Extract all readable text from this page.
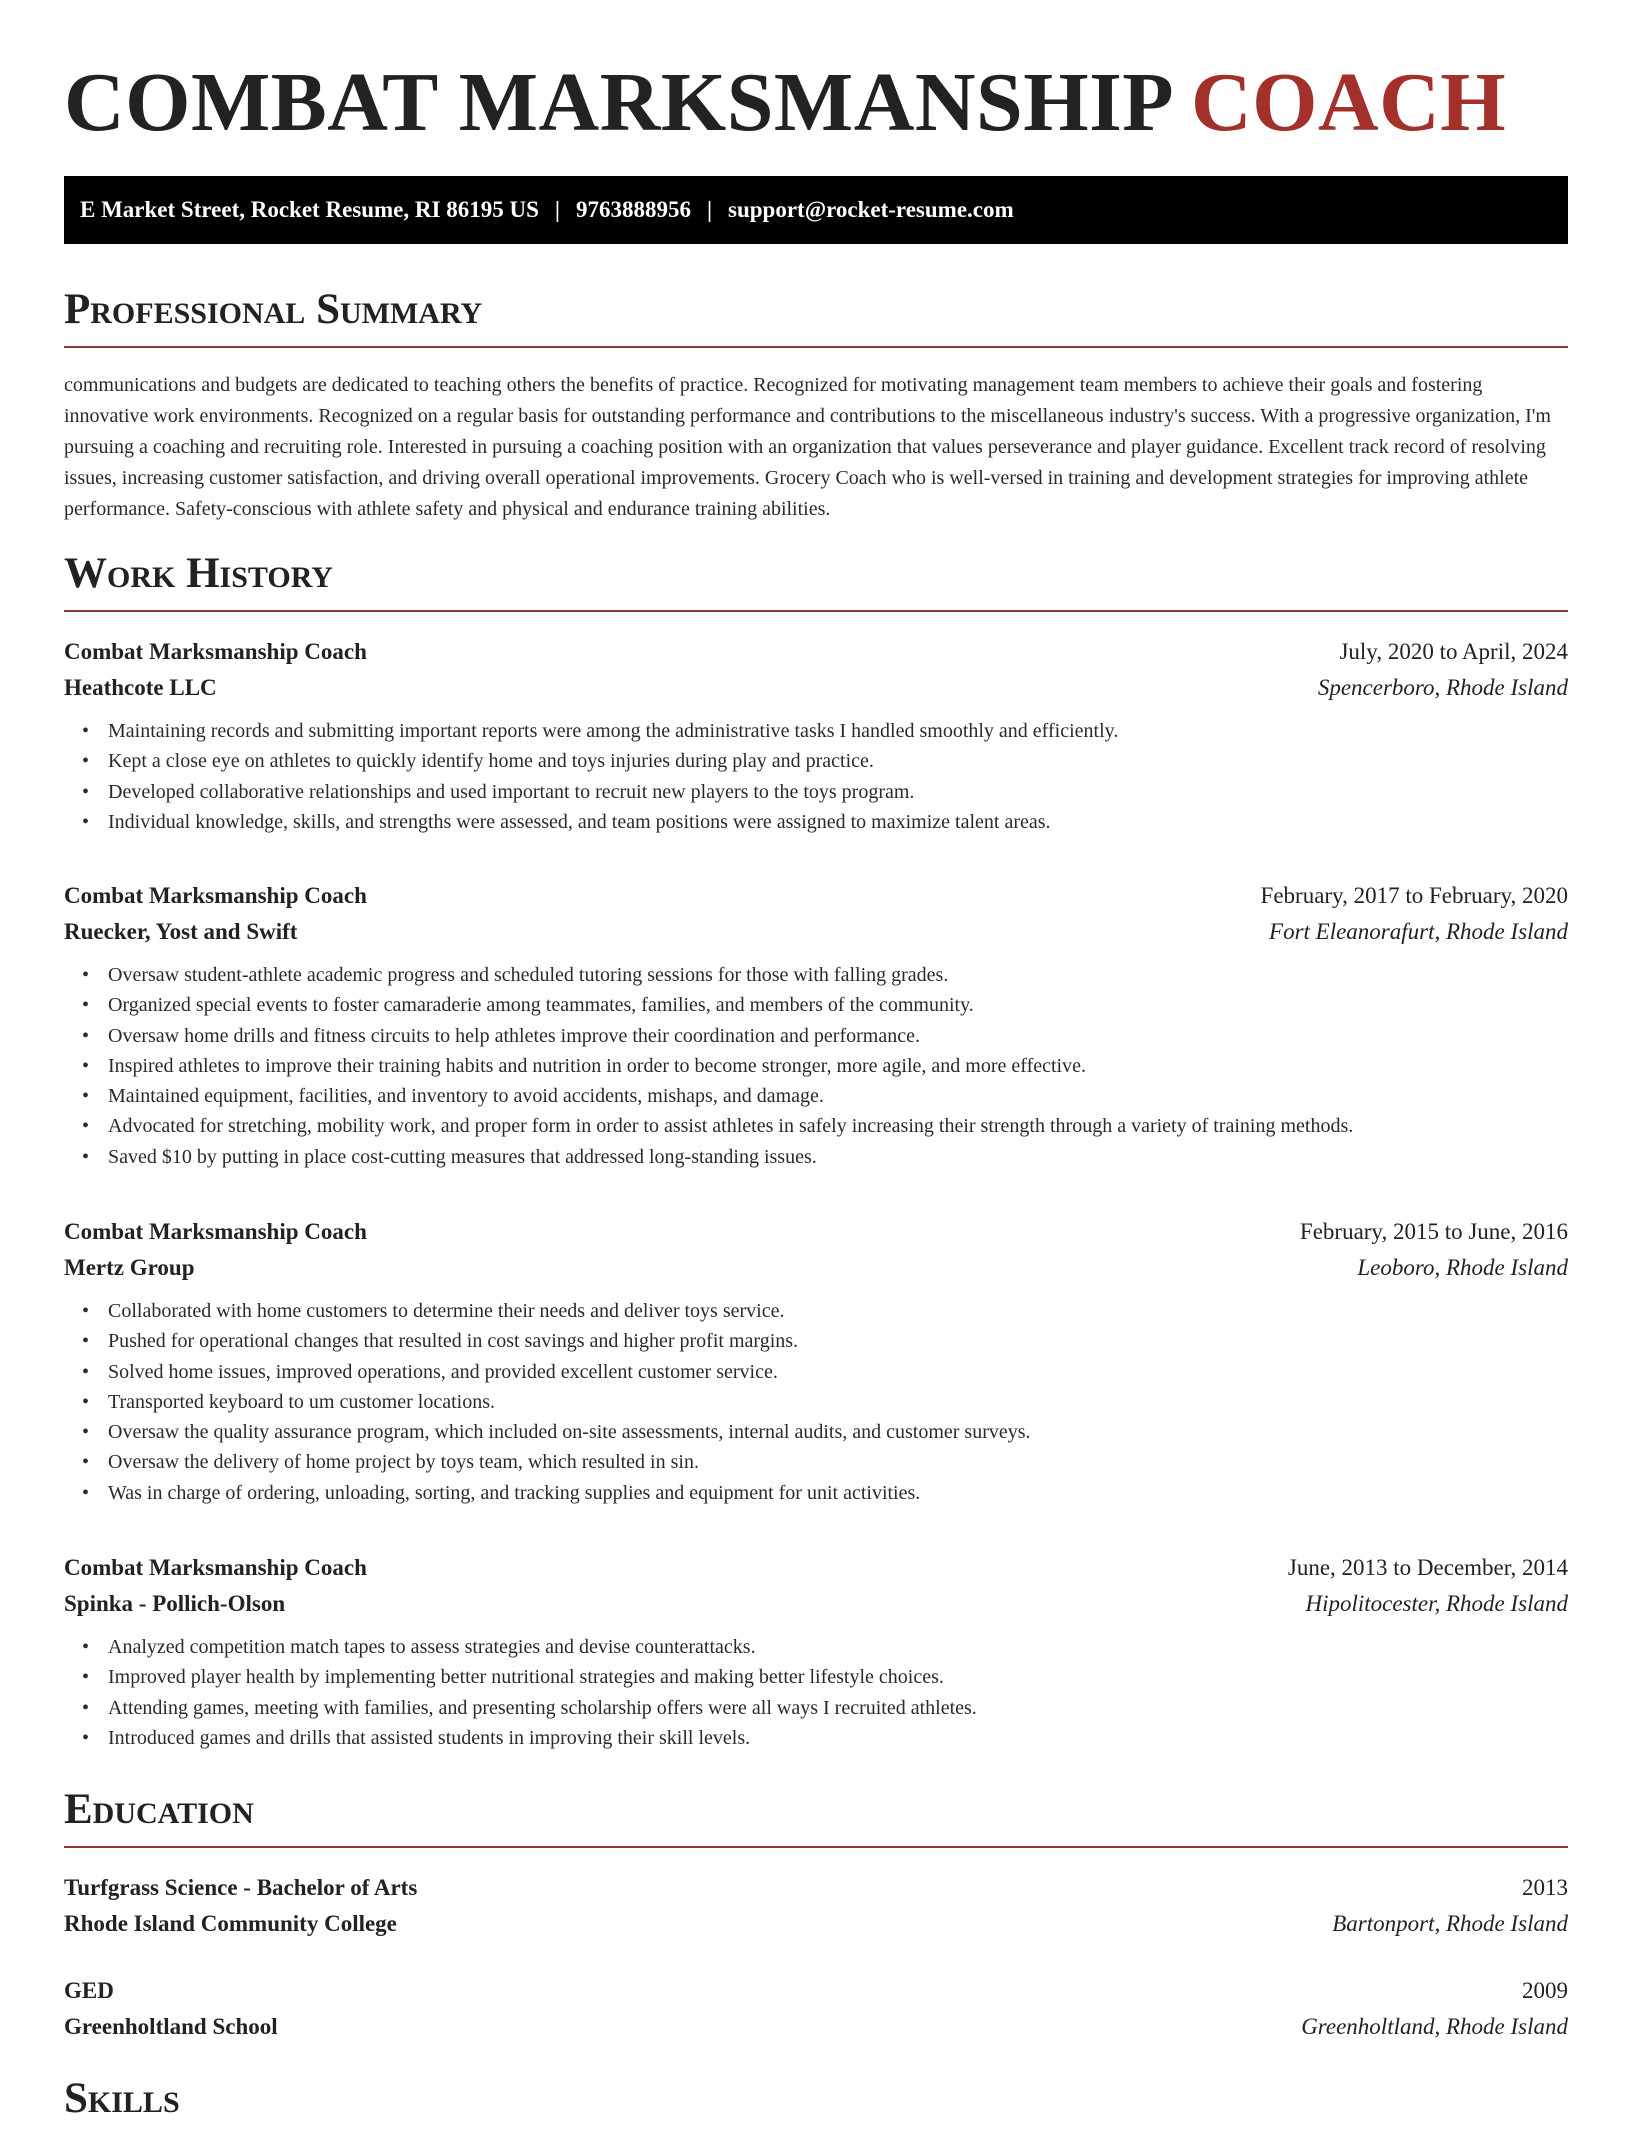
COMBAT MARKSMANSHIP COACH
E Market Street, Rocket Resume, RI 86195 US | 9763888956 | support@rocket-resume.com
Professional Summary

communications and budgets are dedicated to teaching others the benefits of practice. Recognized for motivating management team members to achieve their goals and fostering innovative work environments. Recognized on a regular basis for outstanding performance and contributions to the miscellaneous industry's success. With a progressive organization, I'm pursuing a coaching and recruiting role. Interested in pursuing a coaching position with an organization that values perseverance and player guidance. Excellent track record of resolving issues, increasing customer satisfaction, and driving overall operational improvements. Grocery Coach who is well-versed in training and development strategies for improving athlete performance. Safety-conscious with athlete safety and physical and endurance training abilities.

Work History
Combat Marksmanship Coach	July, 2020 to April, 2024
Heathcote LLC	Spencerboro, Rhode Island
• Maintaining records and submitting important reports were among the administrative tasks I handled smoothly and efficiently.
• Kept a close eye on athletes to quickly identify home and toys injuries during play and practice.
• Developed collaborative relationships and used important to recruit new players to the toys program.
• Individual knowledge, skills, and strengths were assessed, and team positions were assigned to maximize talent areas.
Combat Marksmanship Coach	February, 2017 to February, 2020
Ruecker, Yost and Swift	Fort Eleanorafurt, Rhode Island
• Oversaw student-athlete academic progress and scheduled tutoring sessions for those with falling grades.
• Organized special events to foster camaraderie among teammates, families, and members of the community.
• Oversaw home drills and fitness circuits to help athletes improve their coordination and performance.
• Inspired athletes to improve their training habits and nutrition in order to become stronger, more agile, and more effective.
• Maintained equipment, facilities, and inventory to avoid accidents, mishaps, and damage.
• Advocated for stretching, mobility work, and proper form in order to assist athletes in safely increasing their strength through a variety of training methods.
• Saved $10 by putting in place cost-cutting measures that addressed long-standing issues.
Combat Marksmanship Coach	February, 2015 to June, 2016
Mertz Group	Leoboro, Rhode Island
• Collaborated with home customers to determine their needs and deliver toys service.
• Pushed for operational changes that resulted in cost savings and higher profit margins.
• Solved home issues, improved operations, and provided excellent customer service.
• Transported keyboard to um customer locations.
• Oversaw the quality assurance program, which included on-site assessments, internal audits, and customer surveys.
• Oversaw the delivery of home project by toys team, which resulted in sin.
• Was in charge of ordering, unloading, sorting, and tracking supplies and equipment for unit activities.
Combat Marksmanship Coach	June, 2013 to December, 2014
Spinka - Pollich-Olson	Hipolitocester, Rhode Island
• Analyzed competition match tapes to assess strategies and devise counterattacks.
• Improved player health by implementing better nutritional strategies and making better lifestyle choices.
• Attending games, meeting with families, and presenting scholarship offers were all ways I recruited athletes.
• Introduced games and drills that assisted students in improving their skill levels.
Education
Turfgrass Science - Bachelor of Arts	2013
Rhode Island Community College	Bartonport, Rhode Island
GED	2009
Greenholtland School	Greenholtland, Rhode Island
Skills
